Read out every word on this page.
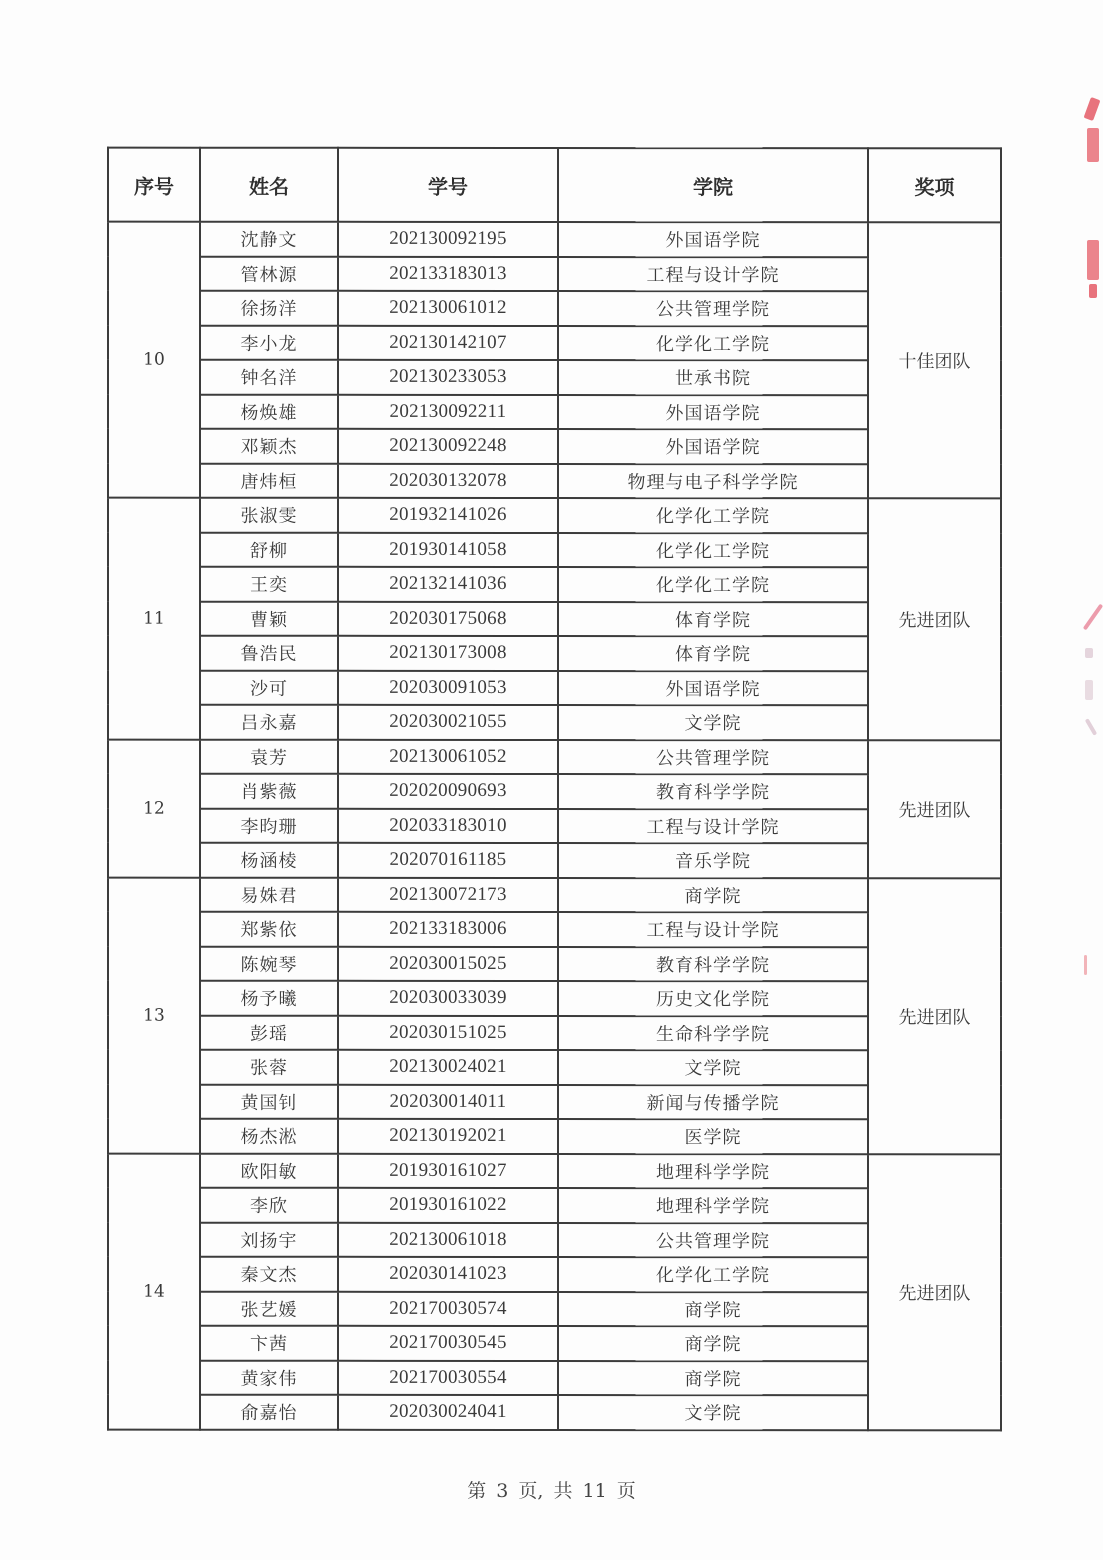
序号	姓名	学号	学院	奖项
10	沈静文	202130092195	外国语学院	十佳团队
	管林源	202133183013	工程与设计学院	
	徐扬洋	202130061012	公共管理学院	
	李小龙	202130142107	化学化工学院	
	钟名洋	202130233053	世承书院	
	杨焕雄	202130092211	外国语学院	
	邓颖杰	202130092248	外国语学院	
	唐炜桓	202030132078	物理与电子科学学院	
11	张淑雯	201932141026	化学化工学院	先进团队
	舒柳	201930141058	化学化工学院	
	王奕	202132141036	化学化工学院	
	曹颖	202030175068	体育学院	
	鲁浩民	202130173008	体育学院	
	沙可	202030091053	外国语学院	
	吕永嘉	202030021055	文学院	
12	袁芳	202130061052	公共管理学院	先进团队
	肖紫薇	202020090693	教育科学学院	
	李昀珊	202033183010	工程与设计学院	
	杨涵棱	202070161185	音乐学院	
13	易姝君	202130072173	商学院	先进团队
	郑紫依	202133183006	工程与设计学院	
	陈婉琴	202030015025	教育科学学院	
	杨予曦	202030033039	历史文化学院	
	彭瑶	202030151025	生命科学学院	
	张蓉	202130024021	文学院	
	黄国钊	202030014011	新闻与传播学院	
	杨杰淞	202130192021	医学院	
14	欧阳敏	201930161027	地理科学学院	先进团队
	李欣	201930161022	地理科学学院	
	刘扬宇	202130061018	公共管理学院	
	秦文杰	202030141023	化学化工学院	
	张艺媛	202170030574	商学院	
	卞茜	202170030545	商学院	
	黄家伟	202170030554	商学院	
	俞嘉怡	202030024041	文学院	
第 3 页, 共 11 页
